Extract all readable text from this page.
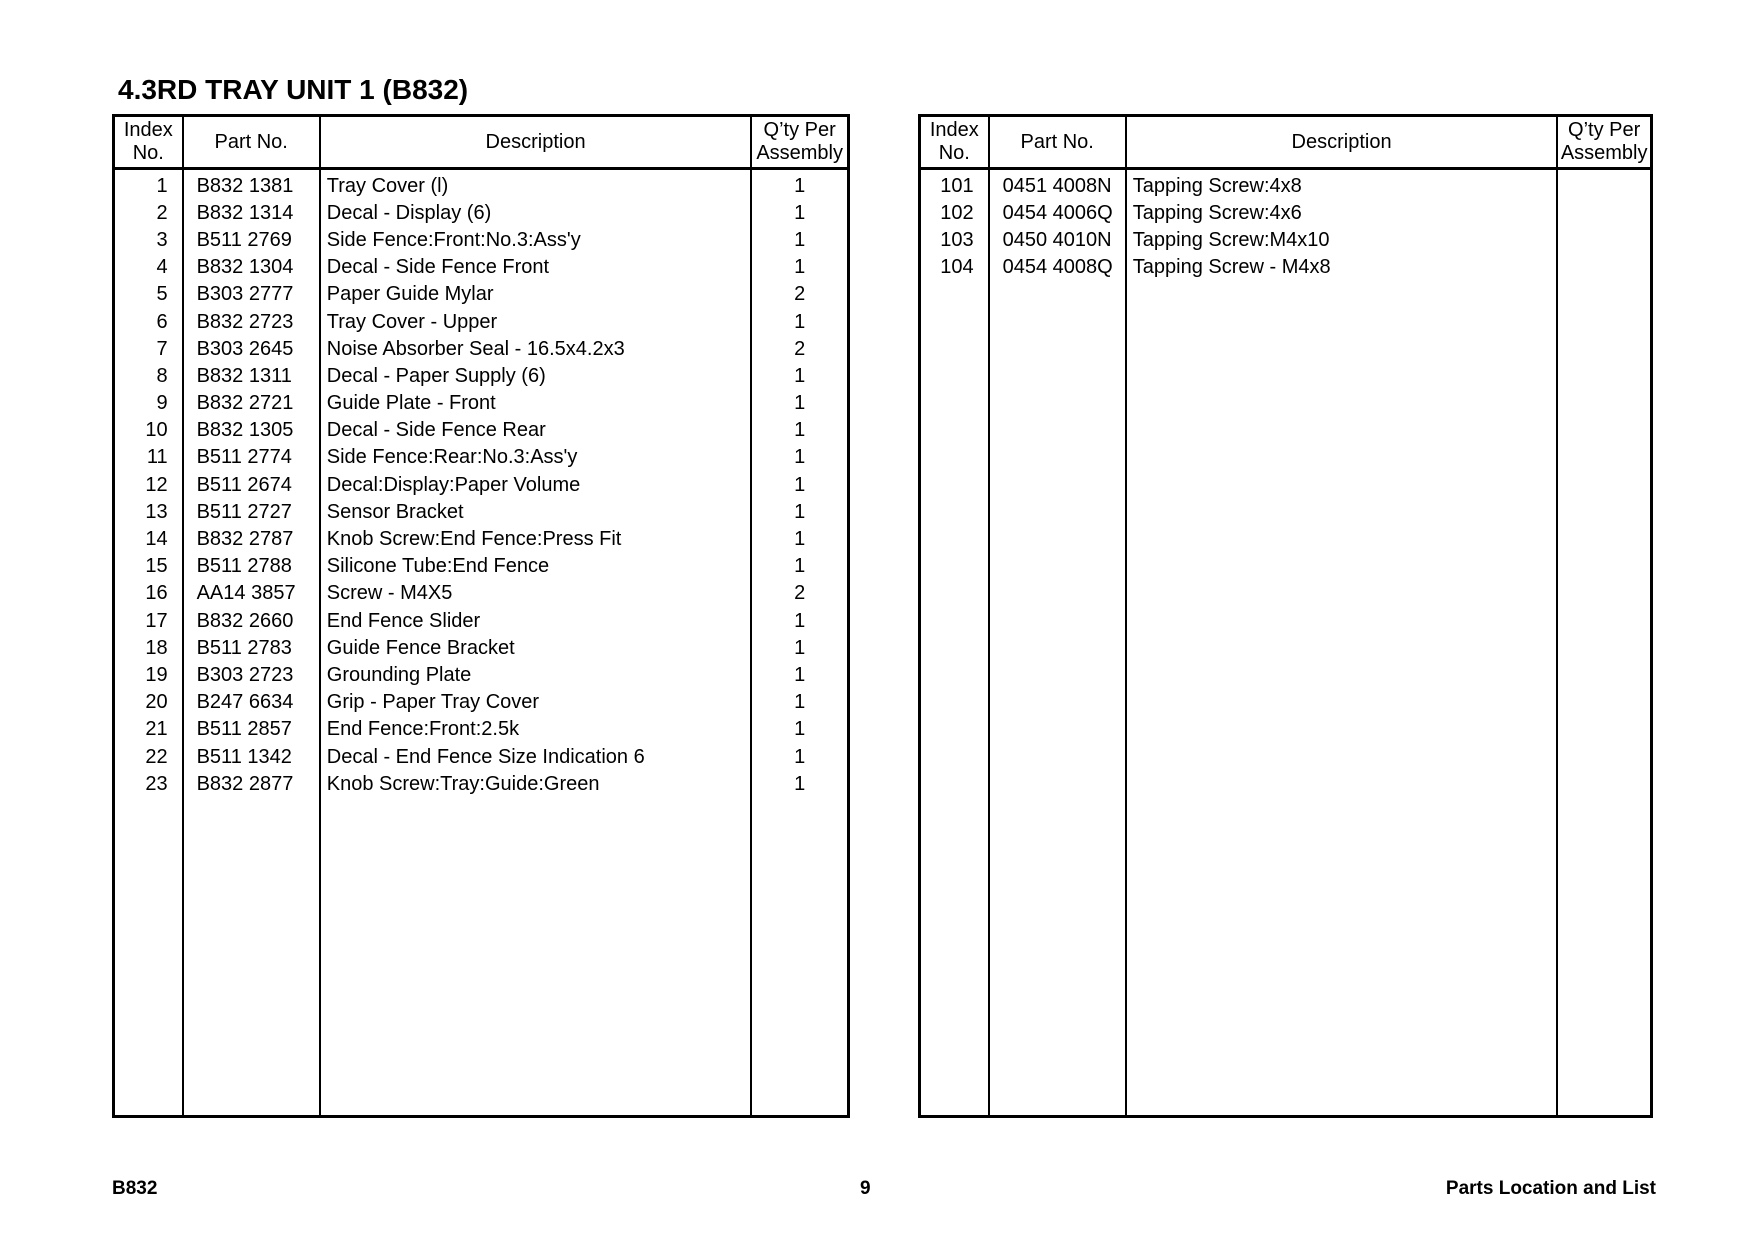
4.3RD TRAY UNIT 1 (B832)
Index
No.	Part No.	Description	Q’ty Per
Assembly
1	B832 1381	Tray Cover (l)	1
2	B832 1314	Decal - Display (6)	1
3	B511 2769	Side Fence:Front:No.3:Ass'y	1
4	B832 1304	Decal - Side Fence Front	1
5	B303 2777	Paper Guide Mylar	2
6	B832 2723	Tray Cover - Upper	1
7	B303 2645	Noise Absorber Seal - 16.5x4.2x3	2
8	B832 1311	Decal - Paper Supply (6)	1
9	B832 2721	Guide Plate - Front	1
10	B832 1305	Decal - Side Fence Rear	1
11	B511 2774	Side Fence:Rear:No.3:Ass'y	1
12	B511 2674	Decal:Display:Paper Volume	1
13	B511 2727	Sensor Bracket	1
14	B832 2787	Knob Screw:End Fence:Press Fit	1
15	B511 2788	Silicone Tube:End Fence	1
16	AA14 3857	Screw - M4X5	2
17	B832 2660	End Fence Slider	1
18	B511 2783	Guide Fence Bracket	1
19	B303 2723	Grounding Plate	1
20	B247 6634	Grip - Paper Tray Cover	1
21	B511 2857	End Fence:Front:2.5k	1
22	B511 1342	Decal - End Fence Size Indication 6	1
23	B832 2877	Knob Screw:Tray:Guide:Green	1

Index
No.	Part No.	Description	Q’ty Per
Assembly
101	0451 4008N	Tapping Screw:4x8	
102	0454 4006Q	Tapping Screw:4x6	
103	0450 4010N	Tapping Screw:M4x10	
104	0454 4008Q	Tapping Screw - M4x8	

B832	9	Parts Location and List
